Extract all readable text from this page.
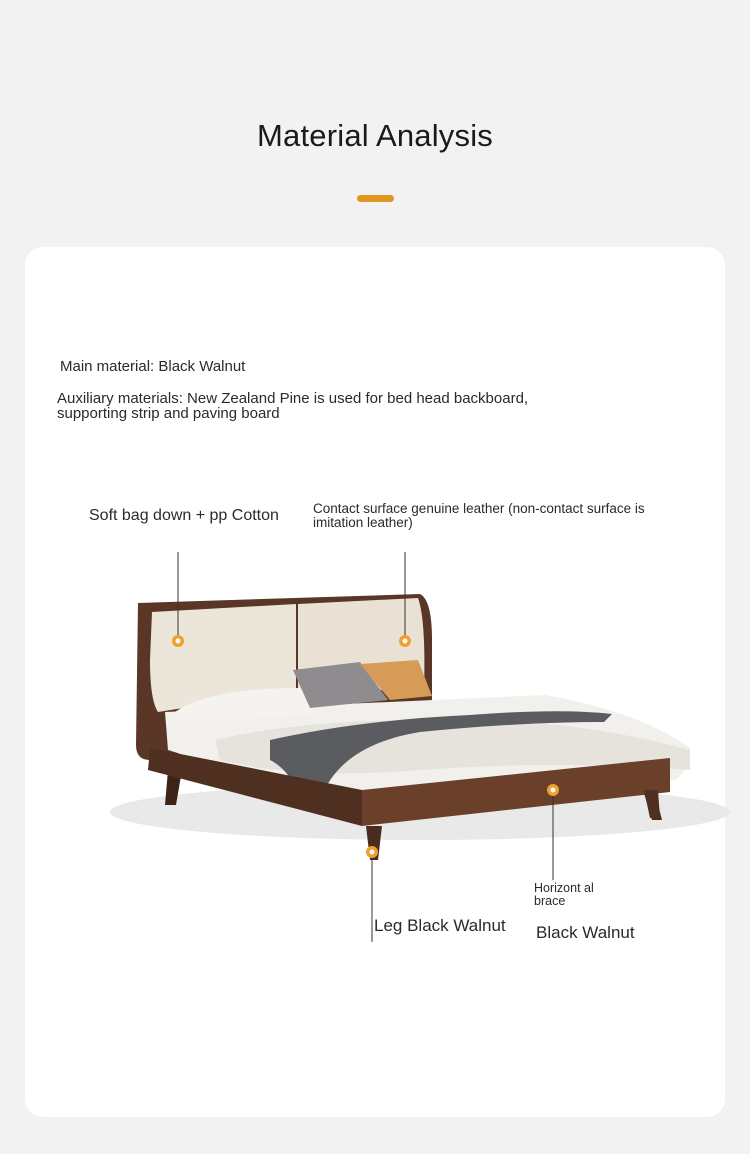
Material Analysis
Main material: Black Walnut
Auxiliary materials: New Zealand Pine is used for bed head backboard, supporting strip and paving board
Soft bag down + pp Cotton	Contact surface genuine leather (non-contact surface is imitation leather)
Leg Black Walnut
Horizont al brace
Black Walnut
